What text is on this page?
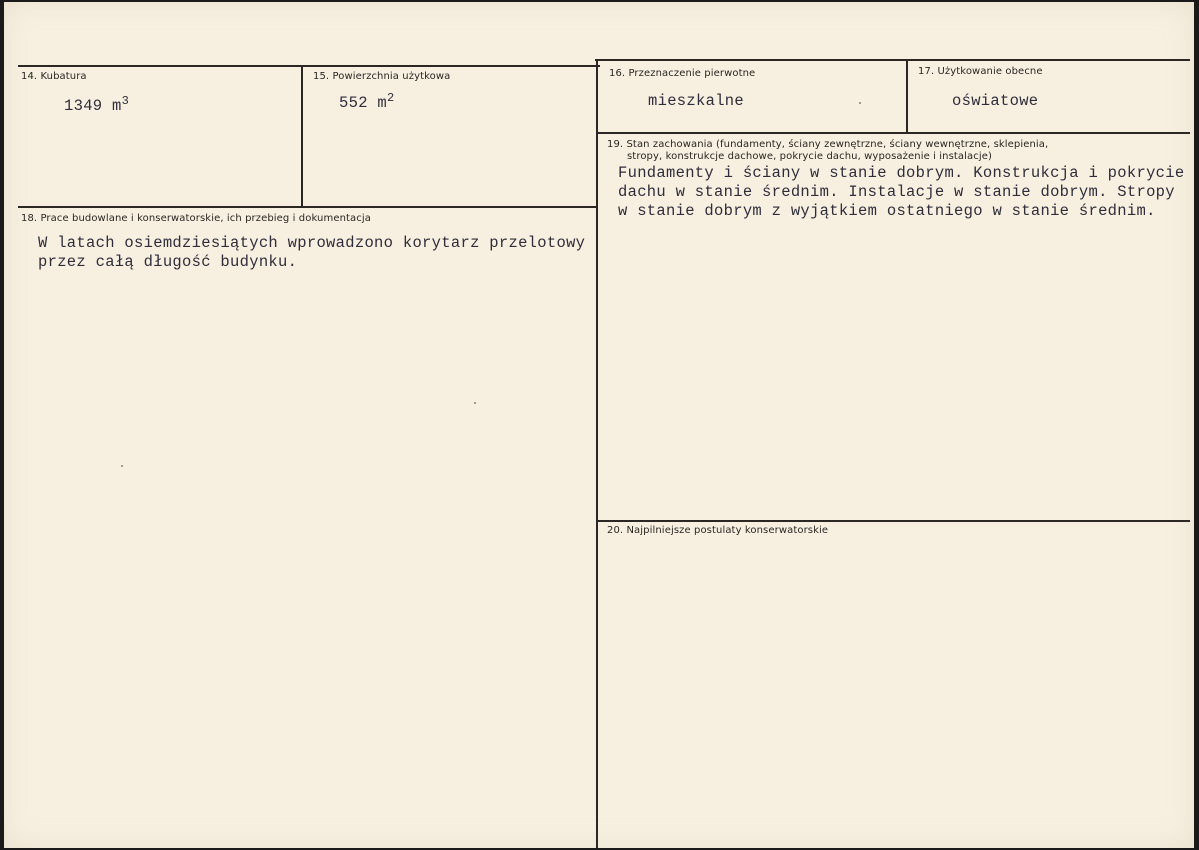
14. Kubatura
1349 $m^3$
15. Powierzchnia użytkowa
552 $m^2$
16. Przeznaczenie pierwotne
mieszkalne
17. Użytkowanie obecne
oświatowe
18. Prace budowlane i konserwatorskie, ich przebieg i dokumentacja
W latach osiemdziesiątych wprowadzono korytarz przelotowy
przez całą długość budynku.
19. Stan zachowania (fundamenty, ściany zewnętrzne, ściany wewnętrzne, sklepienia,
stropy, konstrukcje dachowe, pokrycie dachu, wyposażenie i instalacje)
Fundamenty i ściany w stanie dobrym. Konstrukcja i pokrycie
dachu w stanie średnim. Instalacje w stanie dobrym. Stropy
w stanie dobrym z wyjątkiem ostatniego w stanie średnim.
20. Najpilniejsze postulaty konserwatorskie
